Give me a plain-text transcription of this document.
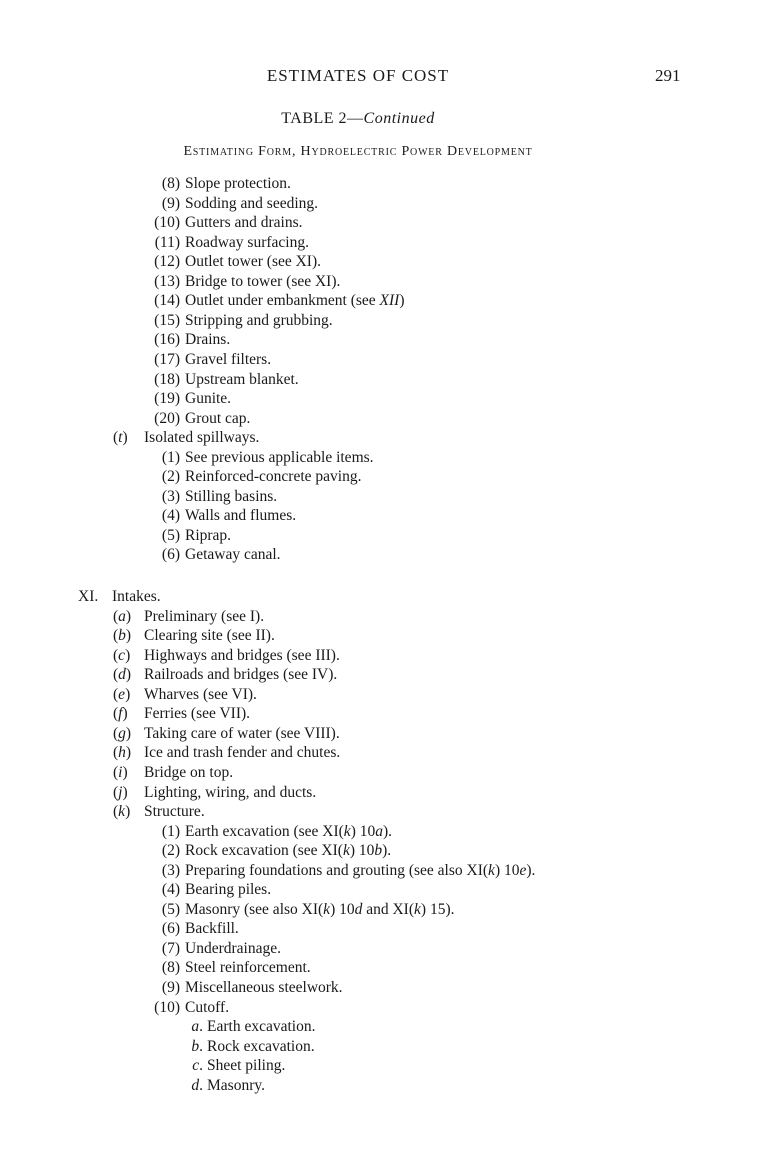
ESTIMATES OF COST	291
TABLE 2—Continued
Estimating Form, Hydroelectric Power Development
(8) Slope protection.
(9) Sodding and seeding.
(10) Gutters and drains.
(11) Roadway surfacing.
(12) Outlet tower (see XI).
(13) Bridge to tower (see XI).
(14) Outlet under embankment (see XII)
(15) Stripping and grubbing.
(16) Drains.
(17) Gravel filters.
(18) Upstream blanket.
(19) Gunite.
(20) Grout cap.
(t) Isolated spillways.
(1) See previous applicable items.
(2) Reinforced-concrete paving.
(3) Stilling basins.
(4) Walls and flumes.
(5) Riprap.
(6) Getaway canal.
XI. Intakes.
(a) Preliminary (see I).
(b) Clearing site (see II).
(c) Highways and bridges (see III).
(d) Railroads and bridges (see IV).
(e) Wharves (see VI).
(f) Ferries (see VII).
(g) Taking care of water (see VIII).
(h) Ice and trash fender and chutes.
(i) Bridge on top.
(j) Lighting, wiring, and ducts.
(k) Structure.
(1) Earth excavation (see XI(k) 10a).
(2) Rock excavation (see XI(k) 10b).
(3) Preparing foundations and grouting (see also XI(k) 10e).
(4) Bearing piles.
(5) Masonry (see also XI(k) 10d and XI(k) 15).
(6) Backfill.
(7) Underdrainage.
(8) Steel reinforcement.
(9) Miscellaneous steelwork.
(10) Cutoff.
a. Earth excavation.
b. Rock excavation.
c. Sheet piling.
d. Masonry.
